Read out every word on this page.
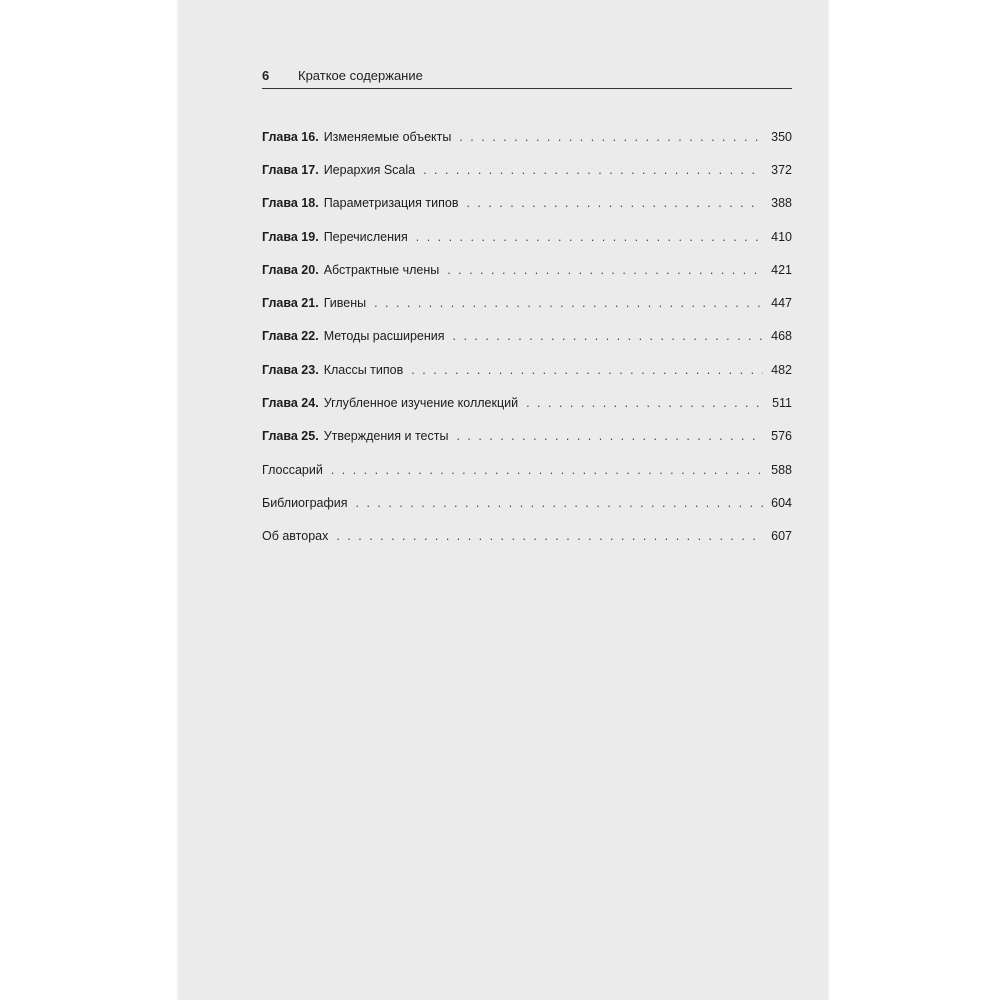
6 Краткое содержание
Глава 16. Изменяемые объекты . . .	350
Глава 17. Иерархия Scala . . .	372
Глава 18. Параметризация типов . . .	388
Глава 19. Перечисления . . .	410
Глава 20. Абстрактные члены . . .	421
Глава 21. Гивены . . .	447
Глава 22. Методы расширения . . .	468
Глава 23. Классы типов . . .	482
Глава 24. Углубленное изучение коллекций . . .	511
Глава 25. Утверждения и тесты . . .	576
Глоссарий . . .	588
Библиография . . .	604
Об авторах . . .	607
